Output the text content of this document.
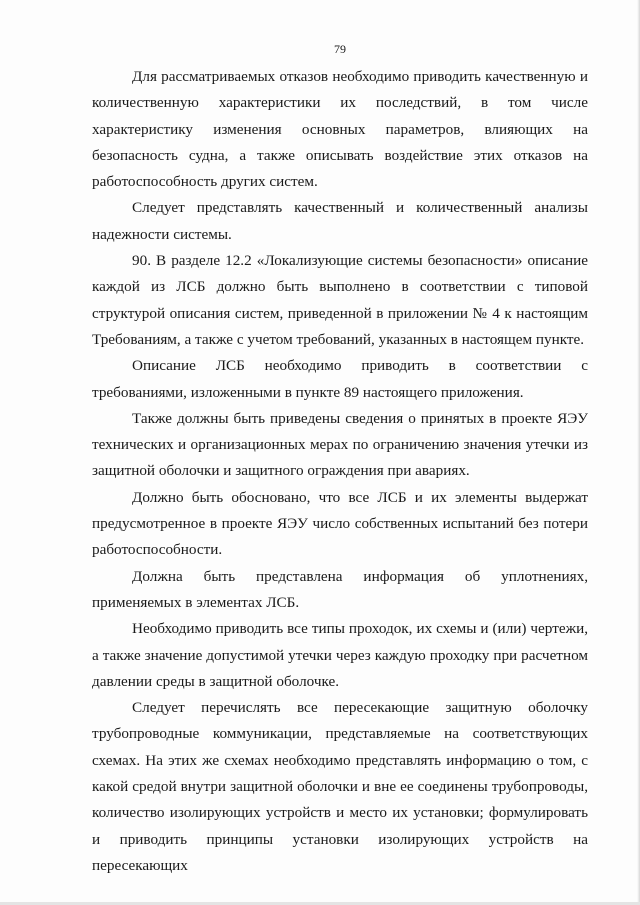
79

Для рассматриваемых отказов необходимо приводить качественную и количественную характеристики их последствий, в том числе характеристику изменения основных параметров, влияющих на безопасность судна, а также описывать воздействие этих отказов на работоспособность других систем.

Следует представлять качественный и количественный анализы надежности системы.

90. В разделе 12.2 «Локализующие системы безопасности» описание каждой из ЛСБ должно быть выполнено в соответствии с типовой структурой описания систем, приведенной в приложении № 4 к настоящим Требованиям, а также с учетом требований, указанных в настоящем пункте.

Описание ЛСБ необходимо приводить в соответствии с требованиями, изложенными в пункте 89 настоящего приложения.

Также должны быть приведены сведения о принятых в проекте ЯЭУ технических и организационных мерах по ограничению значения утечки из защитной оболочки и защитного ограждения при авариях.

Должно быть обосновано, что все ЛСБ и их элементы выдержат предусмотренное в проекте ЯЭУ число собственных испытаний без потери работоспособности.

Должна быть представлена информация об уплотнениях, применяемых в элементах ЛСБ.

Необходимо приводить все типы проходок, их схемы и (или) чертежи, а также значение допустимой утечки через каждую проходку при расчетном давлении среды в защитной оболочке.

Следует перечислять все пересекающие защитную оболочку трубопроводные коммуникации, представляемые на соответствующих схемах. На этих же схемах необходимо представлять информацию о том, с какой средой внутри защитной оболочки и вне ее соединены трубопроводы, количество изолирующих устройств и место их установки; формулировать и приводить принципы установки изолирующих устройств на пересекающих
